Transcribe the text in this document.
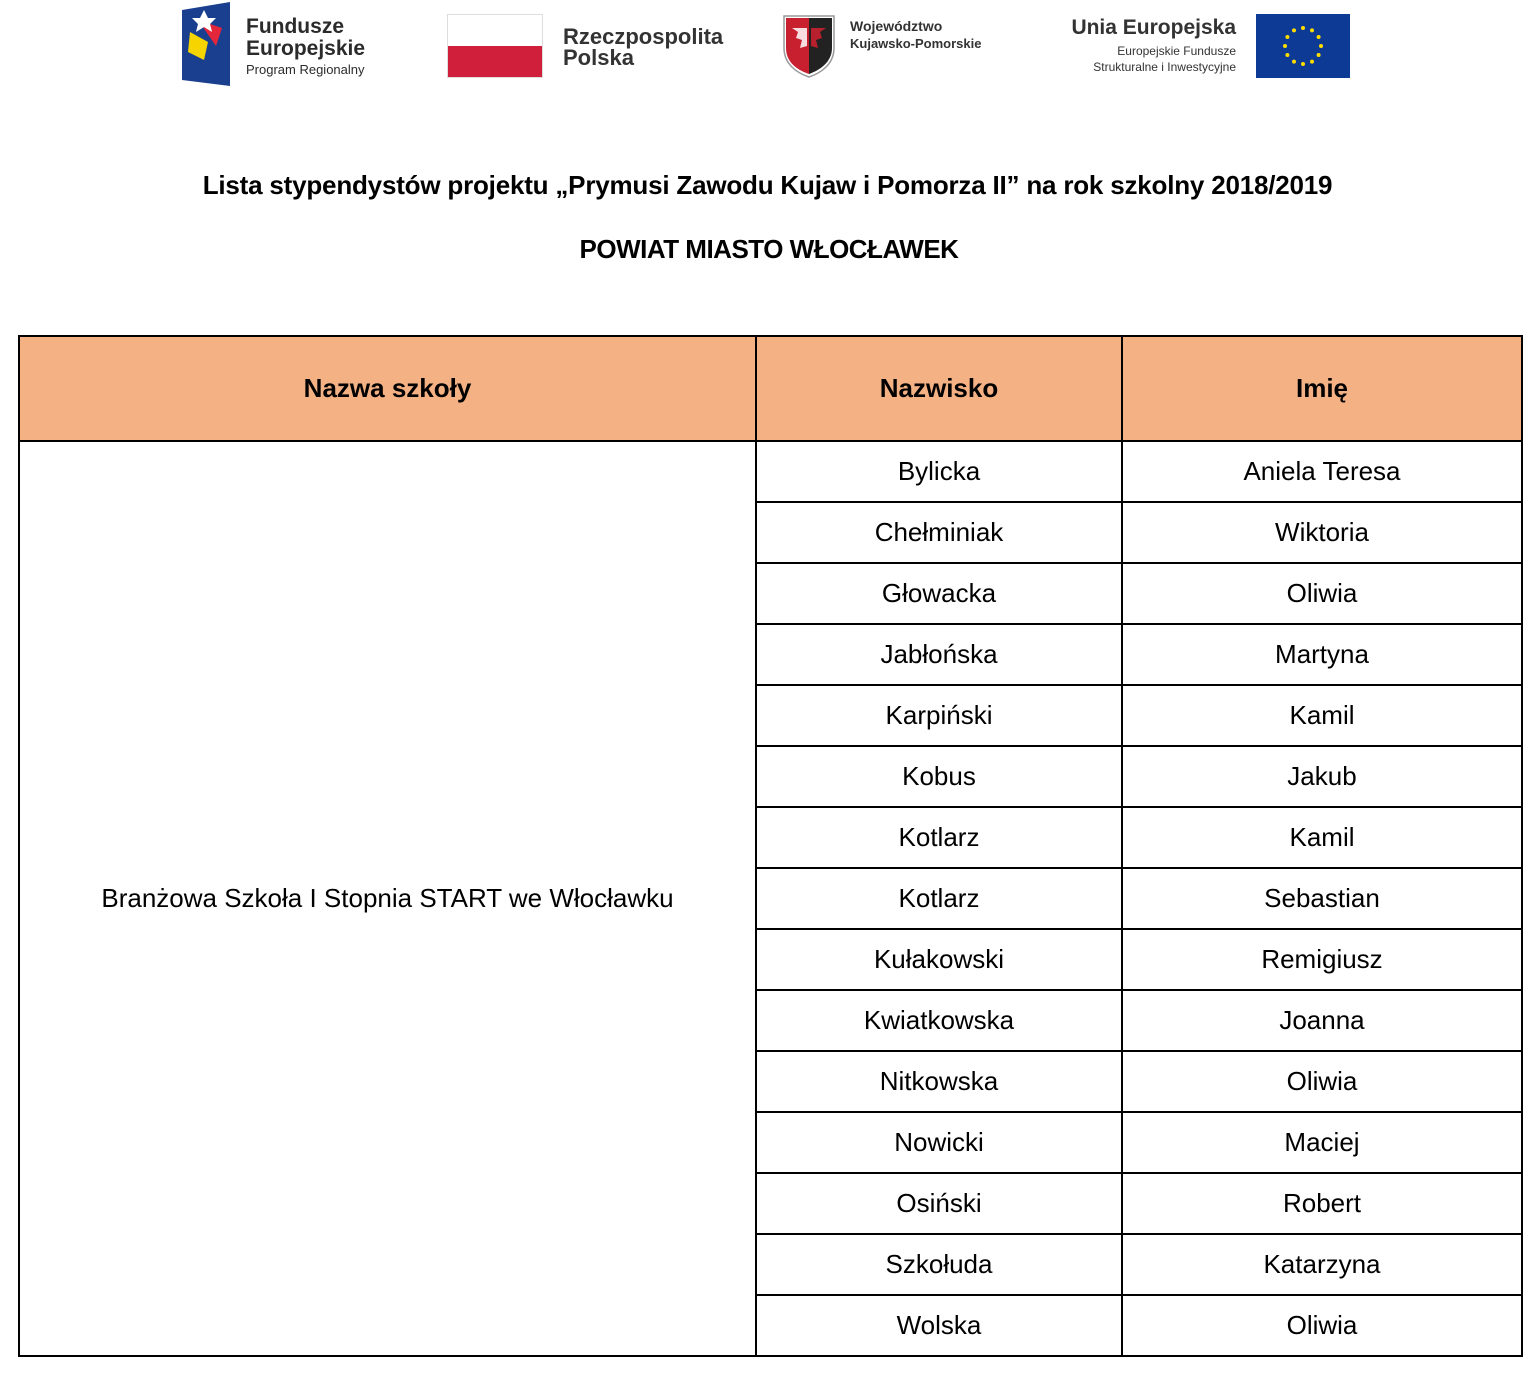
Fundusze
Europejskie
Program Regionalny
Rzeczpospolita
Polska
Województwo
Kujawsko-Pomorskie
Unia Europejska
Europejskie Fundusze
Strukturalne i Inwestycyjne
Lista stypendystów projektu „Prymusi Zawodu Kujaw i Pomorza II” na rok szkolny 2018/2019
POWIAT MIASTO WŁOCŁAWEK
Nazwa szkoły	Nazwisko	Imię
Branżowa Szkoła I Stopnia START we Włocławku	Bylicka	Aniela Teresa
	Chełminiak	Wiktoria
	Głowacka	Oliwia
	Jabłońska	Martyna
	Karpiński	Kamil
	Kobus	Jakub
	Kotlarz	Kamil
	Kotlarz	Sebastian
	Kułakowski	Remigiusz
	Kwiatkowska	Joanna
	Nitkowska	Oliwia
	Nowicki	Maciej
	Osiński	Robert
	Szkołuda	Katarzyna
	Wolska	Oliwia
